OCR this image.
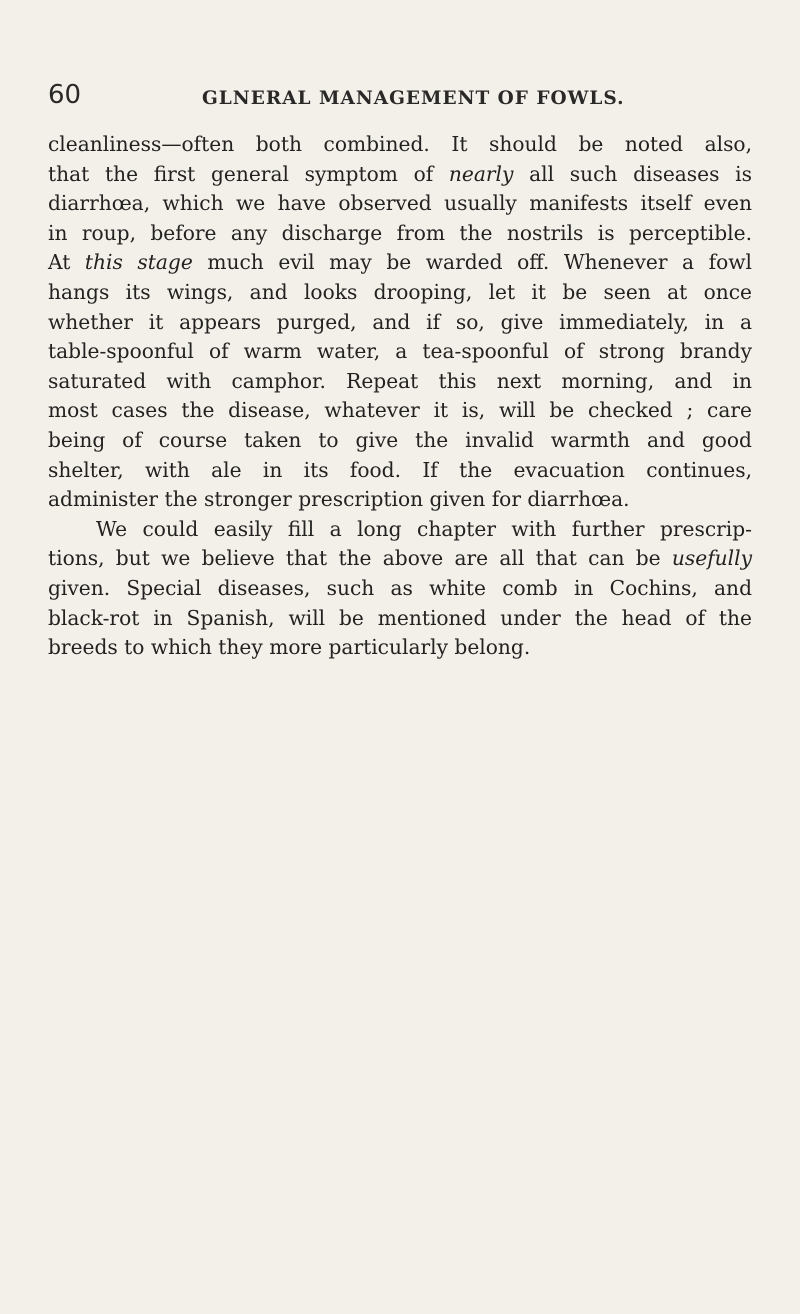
60	GLNERAL MANAGEMENT OF FOWLS.
cleanliness—often both combined. It should be noted also,
that the first general symptom of nearly all such diseases is
diarrhœa, which we have observed usually manifests itself even
in roup, before any discharge from the nostrils is perceptible.
At this stage much evil may be warded off. Whenever a fowl
hangs its wings, and looks drooping, let it be seen at once
whether it appears purged, and if so, give immediately, in a
table-spoonful of warm water, a tea-spoonful of strong brandy
saturated with camphor. Repeat this next morning, and in
most cases the disease, whatever it is, will be checked ; care
being of course taken to give the invalid warmth and good
shelter, with ale in its food. If the evacuation continues,
administer the stronger prescription given for diarrhœa.
We could easily fill a long chapter with further prescrip-
tions, but we believe that the above are all that can be usefully
given. Special diseases, such as white comb in Cochins, and
black-rot in Spanish, will be mentioned under the head of the
breeds to which they more particularly belong.
